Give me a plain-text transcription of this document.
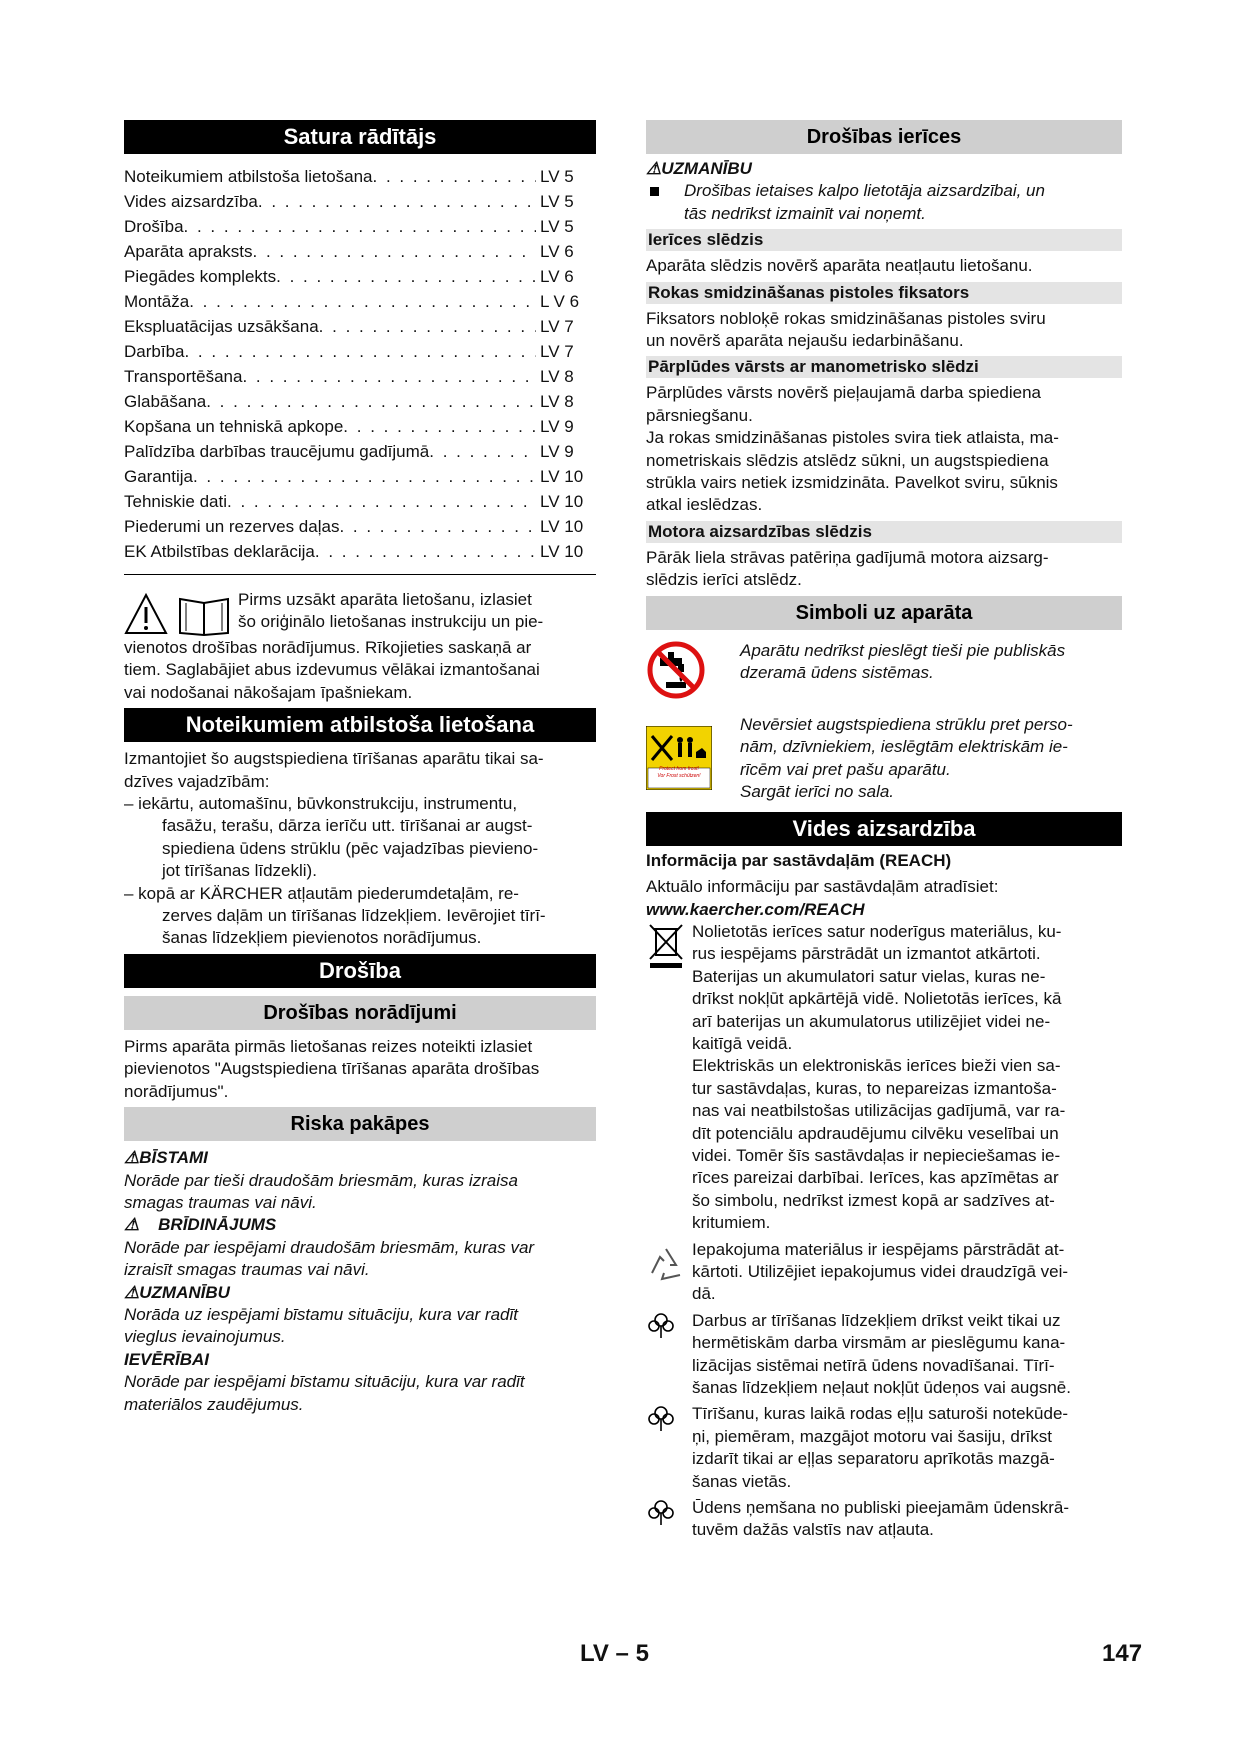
Satura rādītājs
Noteikumiem atbilstoša lietošana . . .	LV 5
Vides aizsardzība . . .	LV 5
Drošība . . .	LV 5
Aparāta apraksts . . .	LV 6
Piegādes komplekts . . .	LV 6
Montāža . . .	L V 6
Ekspluatācijas uzsākšana . . .	LV 7
Darbība . . .	LV 7
Transportēšana . . .	LV 8
Glabāšana . . .	LV 8
Kopšana un tehniskā apkope . . .	LV 9
Palīdzība darbības traucējumu gadījumā . . .	LV 9
Garantija . . .	LV 10
Tehniskie dati . . .	LV 10
Piederumi un rezerves daļas . . .	LV 10
EK Atbilstības deklarācija . . .	LV 10

Pirms uzsākt aparāta lietošanu, izlasiet

šo oriģinālo lietošanas instrukciju un pie-

vienotos drošības norādījumus. Rīkojieties saskaņā ar

tiem. Saglabājiet abus izdevumus vēlākai izmantošanai

vai nodošanai nākošajam īpašniekam.

Noteikumiem atbilstoša lietošana

Izmantojiet šo augstspiediena tīrīšanas aparātu tikai sa-

dzīves vajadzībām:

– iekārtu, automašīnu, būvkonstrukciju, instrumentu,

fasāžu, terašu, dārza ierīču utt. tīrīšanai ar augst-

spiediena ūdens strūklu (pēc vajadzības pievieno-

jot tīrīšanas līdzekli).

– kopā ar KÄRCHER atļautām piederumdetaļām, re-

zerves daļām un tīrīšanas līdzekļiem. Ievērojiet tīrī-

šanas līdzekļiem pievienotos norādījumus.

Drošība
Drošības norādījumi

Pirms aparāta pirmās lietošanas reizes noteikti izlasiet

pievienotos "Augstspiediena tīrīšanas aparāta drošības

norādījumus".

Riska pakāpes

⚠BĪSTAMI

Norāde par tieši draudošām briesmām, kuras izraisa

smagas traumas vai nāvi.

⚠ BRĪDINĀJUMS

Norāde par iespējami draudošām briesmām, kuras var

izraisīt smagas traumas vai nāvi.

⚠UZMANĪBU

Norāda uz iespējami bīstamu situāciju, kura var radīt

vieglus ievainojumus.

IEVĒRĪBAI

Norāde par iespējami bīstamu situāciju, kura var radīt

materiālos zaudējumus.

Drošības ierīces

⚠UZMANĪBU

Drošības ietaises kalpo lietotāja aizsardzībai, un

tās nedrīkst izmainīt vai noņemt.

Ierīces slēdzis

Aparāta slēdzis novērš aparāta neatļautu lietošanu.

Rokas smidzināšanas pistoles fiksators

Fiksators nobloķē rokas smidzināšanas pistoles sviru

un novērš aparāta nejaušu iedarbināšanu.

Pārplūdes vārsts ar manometrisko slēdzi

Pārplūdes vārsts novērš pieļaujamā darba spiediena

pārsniegšanu.

Ja rokas smidzināšanas pistoles svira tiek atlaista, ma-

nometriskais slēdzis atslēdz sūkni, un augstspiediena

strūkla vairs netiek izsmidzināta. Pavelkot sviru, sūknis

atkal ieslēdzas.

Motora aizsardzības slēdzis

Pārāk liela strāvas patēriņa gadījumā motora aizsarg-

slēdzis ierīci atslēdz.

Simboli uz aparāta

Aparātu nedrīkst pieslēgt tieši pie publiskās

dzeramā ūdens sistēmas.

Protect from frost!
Vor Frost schützen!

Nevērsiet augstspiediena strūklu pret perso-

nām, dzīvniekiem, ieslēgtām elektriskām ie-

rīcēm vai pret pašu aparātu.

Sargāt ierīci no sala.

Vides aizsardzība

Informācija par sastāvdaļām (REACH)

Aktuālo informāciju par sastāvdaļām atradīsiet:

www.kaercher.com/REACH

Nolietotās ierīces satur noderīgus materiālus, ku-

rus iespējams pārstrādāt un izmantot atkārtoti.

Baterijas un akumulatori satur vielas, kuras ne-

drīkst nokļūt apkārtējā vidē. Nolietotās ierīces, kā

arī baterijas un akumulatorus utilizējiet videi ne-

kaitīgā veidā.

Elektriskās un elektroniskās ierīces bieži vien sa-

tur sastāvdaļas, kuras, to nepareizas izmantoša-

nas vai neatbilstošas utilizācijas gadījumā, var ra-

dīt potenciālu apdraudējumu cilvēku veselībai un

videi. Tomēr šīs sastāvdaļas ir nepieciešamas ie-

rīces pareizai darbībai. Ierīces, kas apzīmētas ar

šo simbolu, nedrīkst izmest kopā ar sadzīves at-

kritumiem.

Iepakojuma materiālus ir iespējams pārstrādāt at-

kārtoti. Utilizējiet iepakojumus videi draudzīgā vei-

dā.

Darbus ar tīrīšanas līdzekļiem drīkst veikt tikai uz

hermētiskām darba virsmām ar pieslēgumu kana-

lizācijas sistēmai netīrā ūdens novadīšanai. Tīrī-

šanas līdzekļiem neļaut nokļūt ūdeņos vai augsnē.

Tīrīšanu, kuras laikā rodas eļļu saturoši notekūde-

ņi, piemēram, mazgājot motoru vai šasiju, drīkst

izdarīt tikai ar eļļas separatoru aprīkotās mazgā-

šanas vietās.

Ūdens ņemšana no publiski pieejamām ūdenskrā-

tuvēm dažās valstīs nav atļauta.

LV – 5	147
